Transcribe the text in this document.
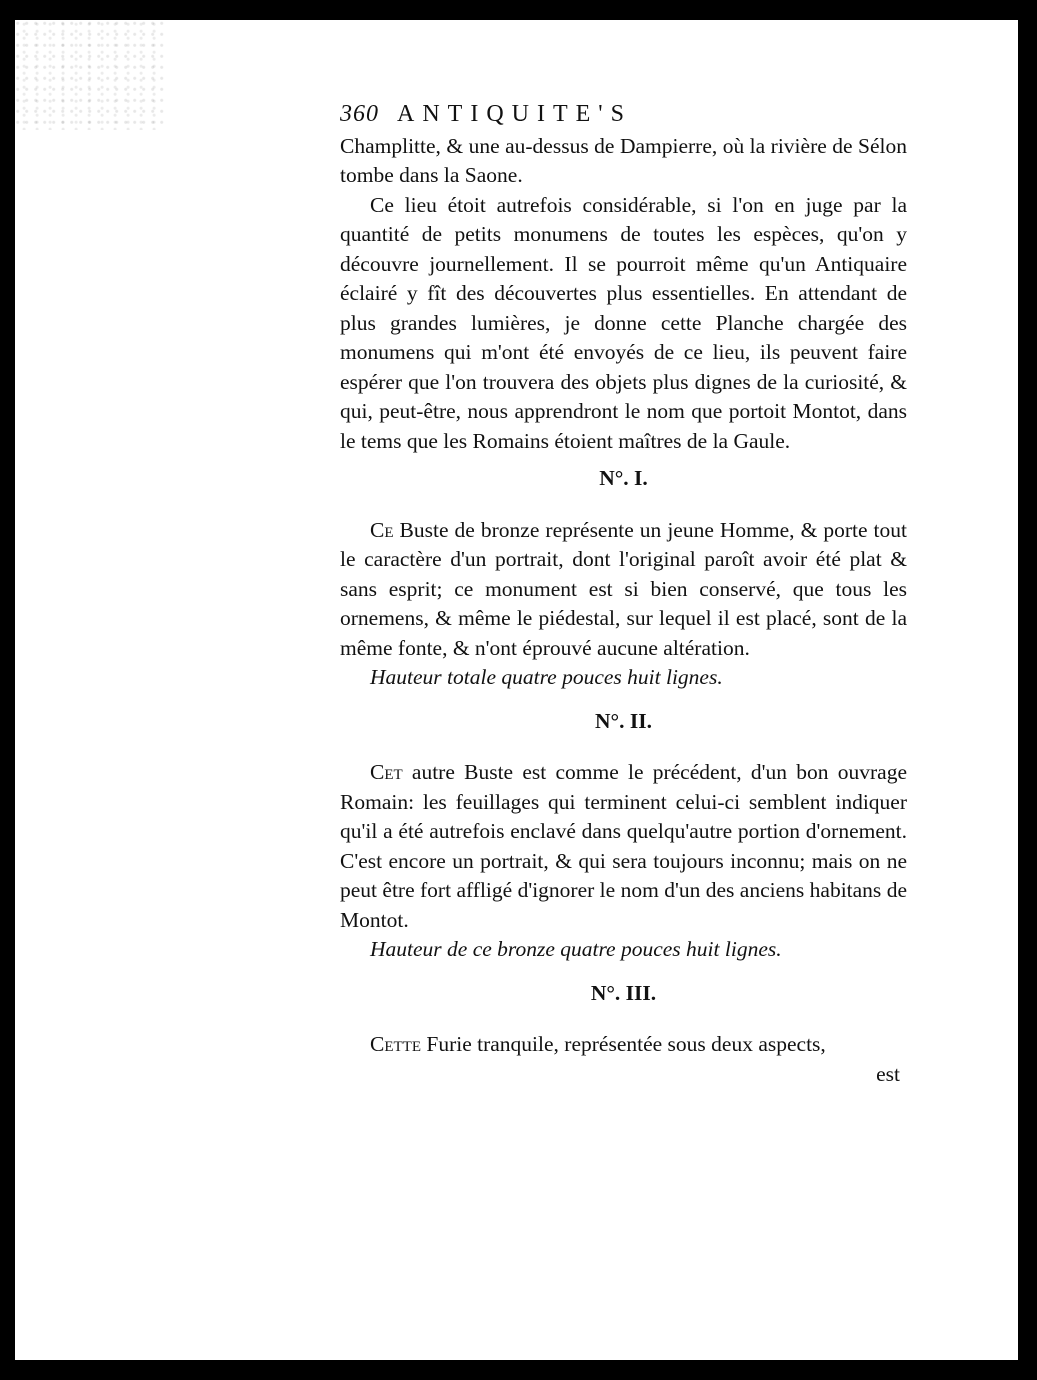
360 ANTIQUITE'S

Champlitte, & une au-dessus de Dampierre, où la rivière de Sélon tombe dans la Saone.

Ce lieu étoit autrefois considérable, si l'on en juge par la quantité de petits monumens de toutes les espèces, qu'on y découvre journellement. Il se pourroit même qu'un Antiquaire éclairé y fît des découvertes plus essentielles. En attendant de plus grandes lumières, je donne cette Planche chargée des monumens qui m'ont été envoyés de ce lieu, ils peuvent faire espérer que l'on trouvera des objets plus dignes de la curiosité, & qui, peut-être, nous apprendront le nom que portoit Montot, dans le tems que les Romains étoient maîtres de la Gaule.

N°. I.

Ce Buste de bronze représente un jeune Homme, & porte tout le caractère d'un portrait, dont l'original paroît avoir été plat & sans esprit; ce monument est si bien conservé, que tous les ornemens, & même le piédestal, sur lequel il est placé, sont de la même fonte, & n'ont éprouvé aucune altération.

Hauteur totale quatre pouces huit lignes.

N°. II.

Cet autre Buste est comme le précédent, d'un bon ouvrage Romain: les feuillages qui terminent celui-ci semblent indiquer qu'il a été autrefois enclavé dans quelqu'autre portion d'ornement. C'est encore un portrait, & qui sera toujours inconnu; mais on ne peut être fort affligé d'ignorer le nom d'un des anciens habitans de Montot.

Hauteur de ce bronze quatre pouces huit lignes.

N°. III.

Cette Furie tranquile, représentée sous deux aspects,

est
